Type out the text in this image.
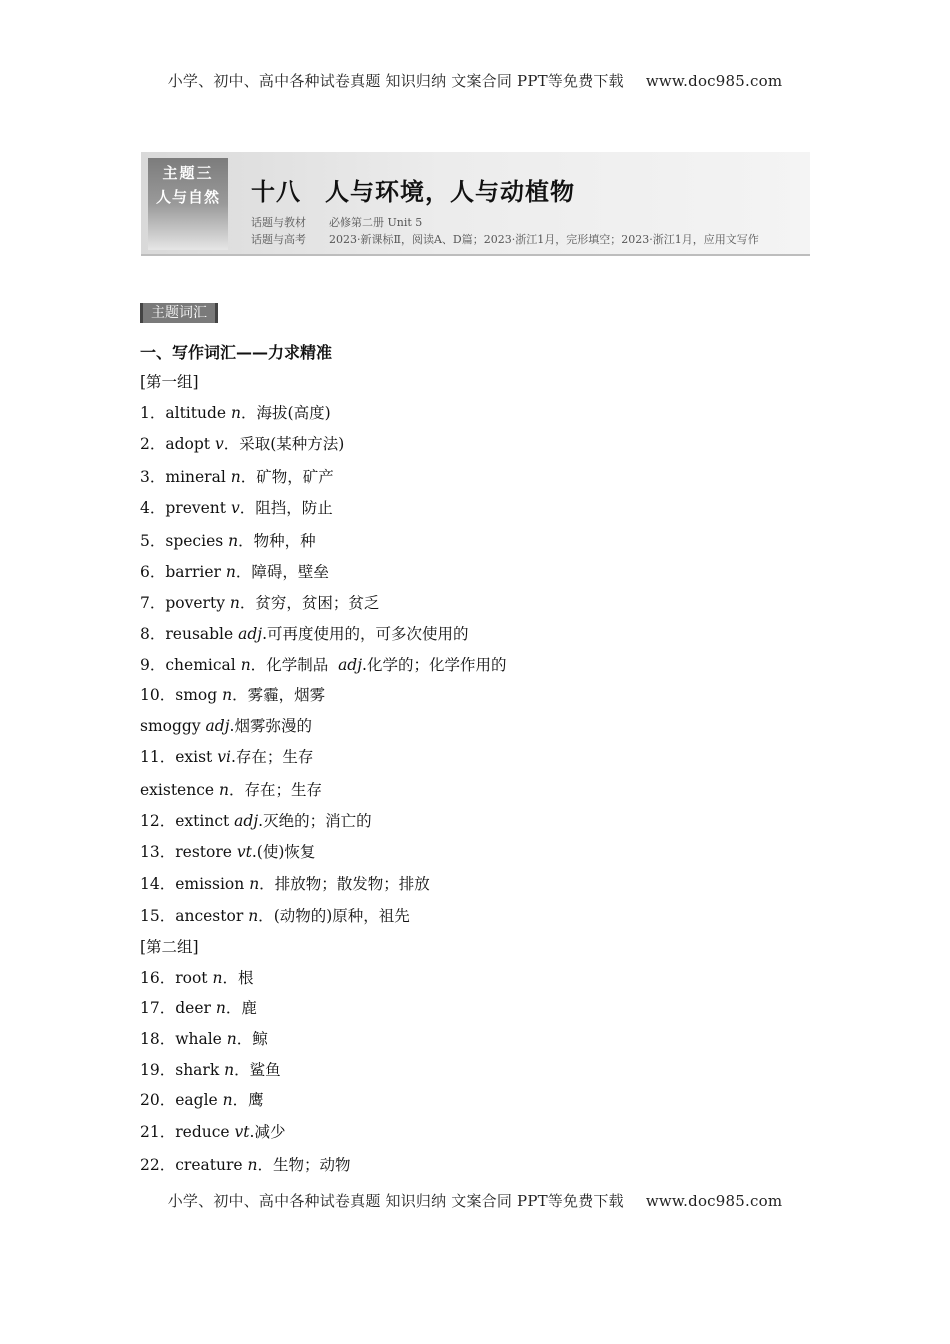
小学、初中、高中各种试卷真题 知识归纳 文案合同 PPT等免费下载 www.doc985.com
主题三
人与自然	十八 人与环境，人与动植物
话题与教材 必修第二册 Unit 5
话题与高考 2023·新课标Ⅱ，阅读A、D篇；2023·浙江1月，完形填空；2023·浙江1月，应用文写作
主题词汇
一、写作词汇——力求精准
[第一组]
1．altitude n．海拔(高度)
2．adopt v．采取(某种方法)
3．mineral n．矿物，矿产
4．prevent v．阻挡，防止
5．species n．物种，种
6．barrier n．障碍，壁垒
7．poverty n．贫穷，贫困；贫乏
8．reusable adj.可再度使用的，可多次使用的
9．chemical n．化学制品 adj.化学的；化学作用的
10．smog n．雾霾，烟雾
smoggy adj.烟雾弥漫的
11．exist vi.存在；生存
existence n．存在；生存
12．extinct adj.灭绝的；消亡的
13．restore vt.(使)恢复
14．emission n．排放物；散发物；排放
15．ancestor n．(动物的)原种，祖先
[第二组]
16．root n．根
17．deer n．鹿
18．whale n．鲸
19．shark n．鲨鱼
20．eagle n．鹰
21．reduce vt.减少
22．creature n．生物；动物
小学、初中、高中各种试卷真题 知识归纳 文案合同 PPT等免费下载 www.doc985.com
